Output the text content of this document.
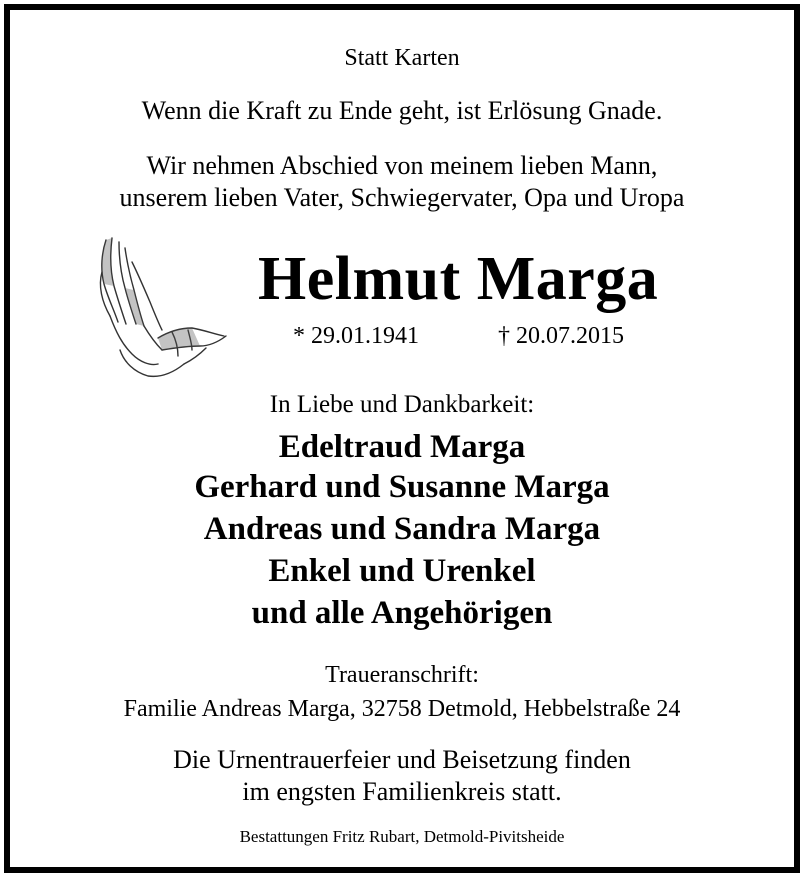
Statt Karten
Wenn die Kraft zu Ende geht, ist Erlösung Gnade.
Wir nehmen Abschied von meinem lieben Mann,
unserem lieben Vater, Schwiegervater, Opa und Uropa
Helmut Marga
* 29.01.1941	† 20.07.2015
In Liebe und Dankbarkeit:
Edeltraud Marga
Gerhard und Susanne Marga
Andreas und Sandra Marga
Enkel und Urenkel
und alle Angehörigen
Traueranschrift:
Familie Andreas Marga, 32758 Detmold, Hebbelstraße 24
Die Urnentrauerfeier und Beisetzung finden
im engsten Familienkreis statt.
Bestattungen Fritz Rubart, Detmold-Pivitsheide
